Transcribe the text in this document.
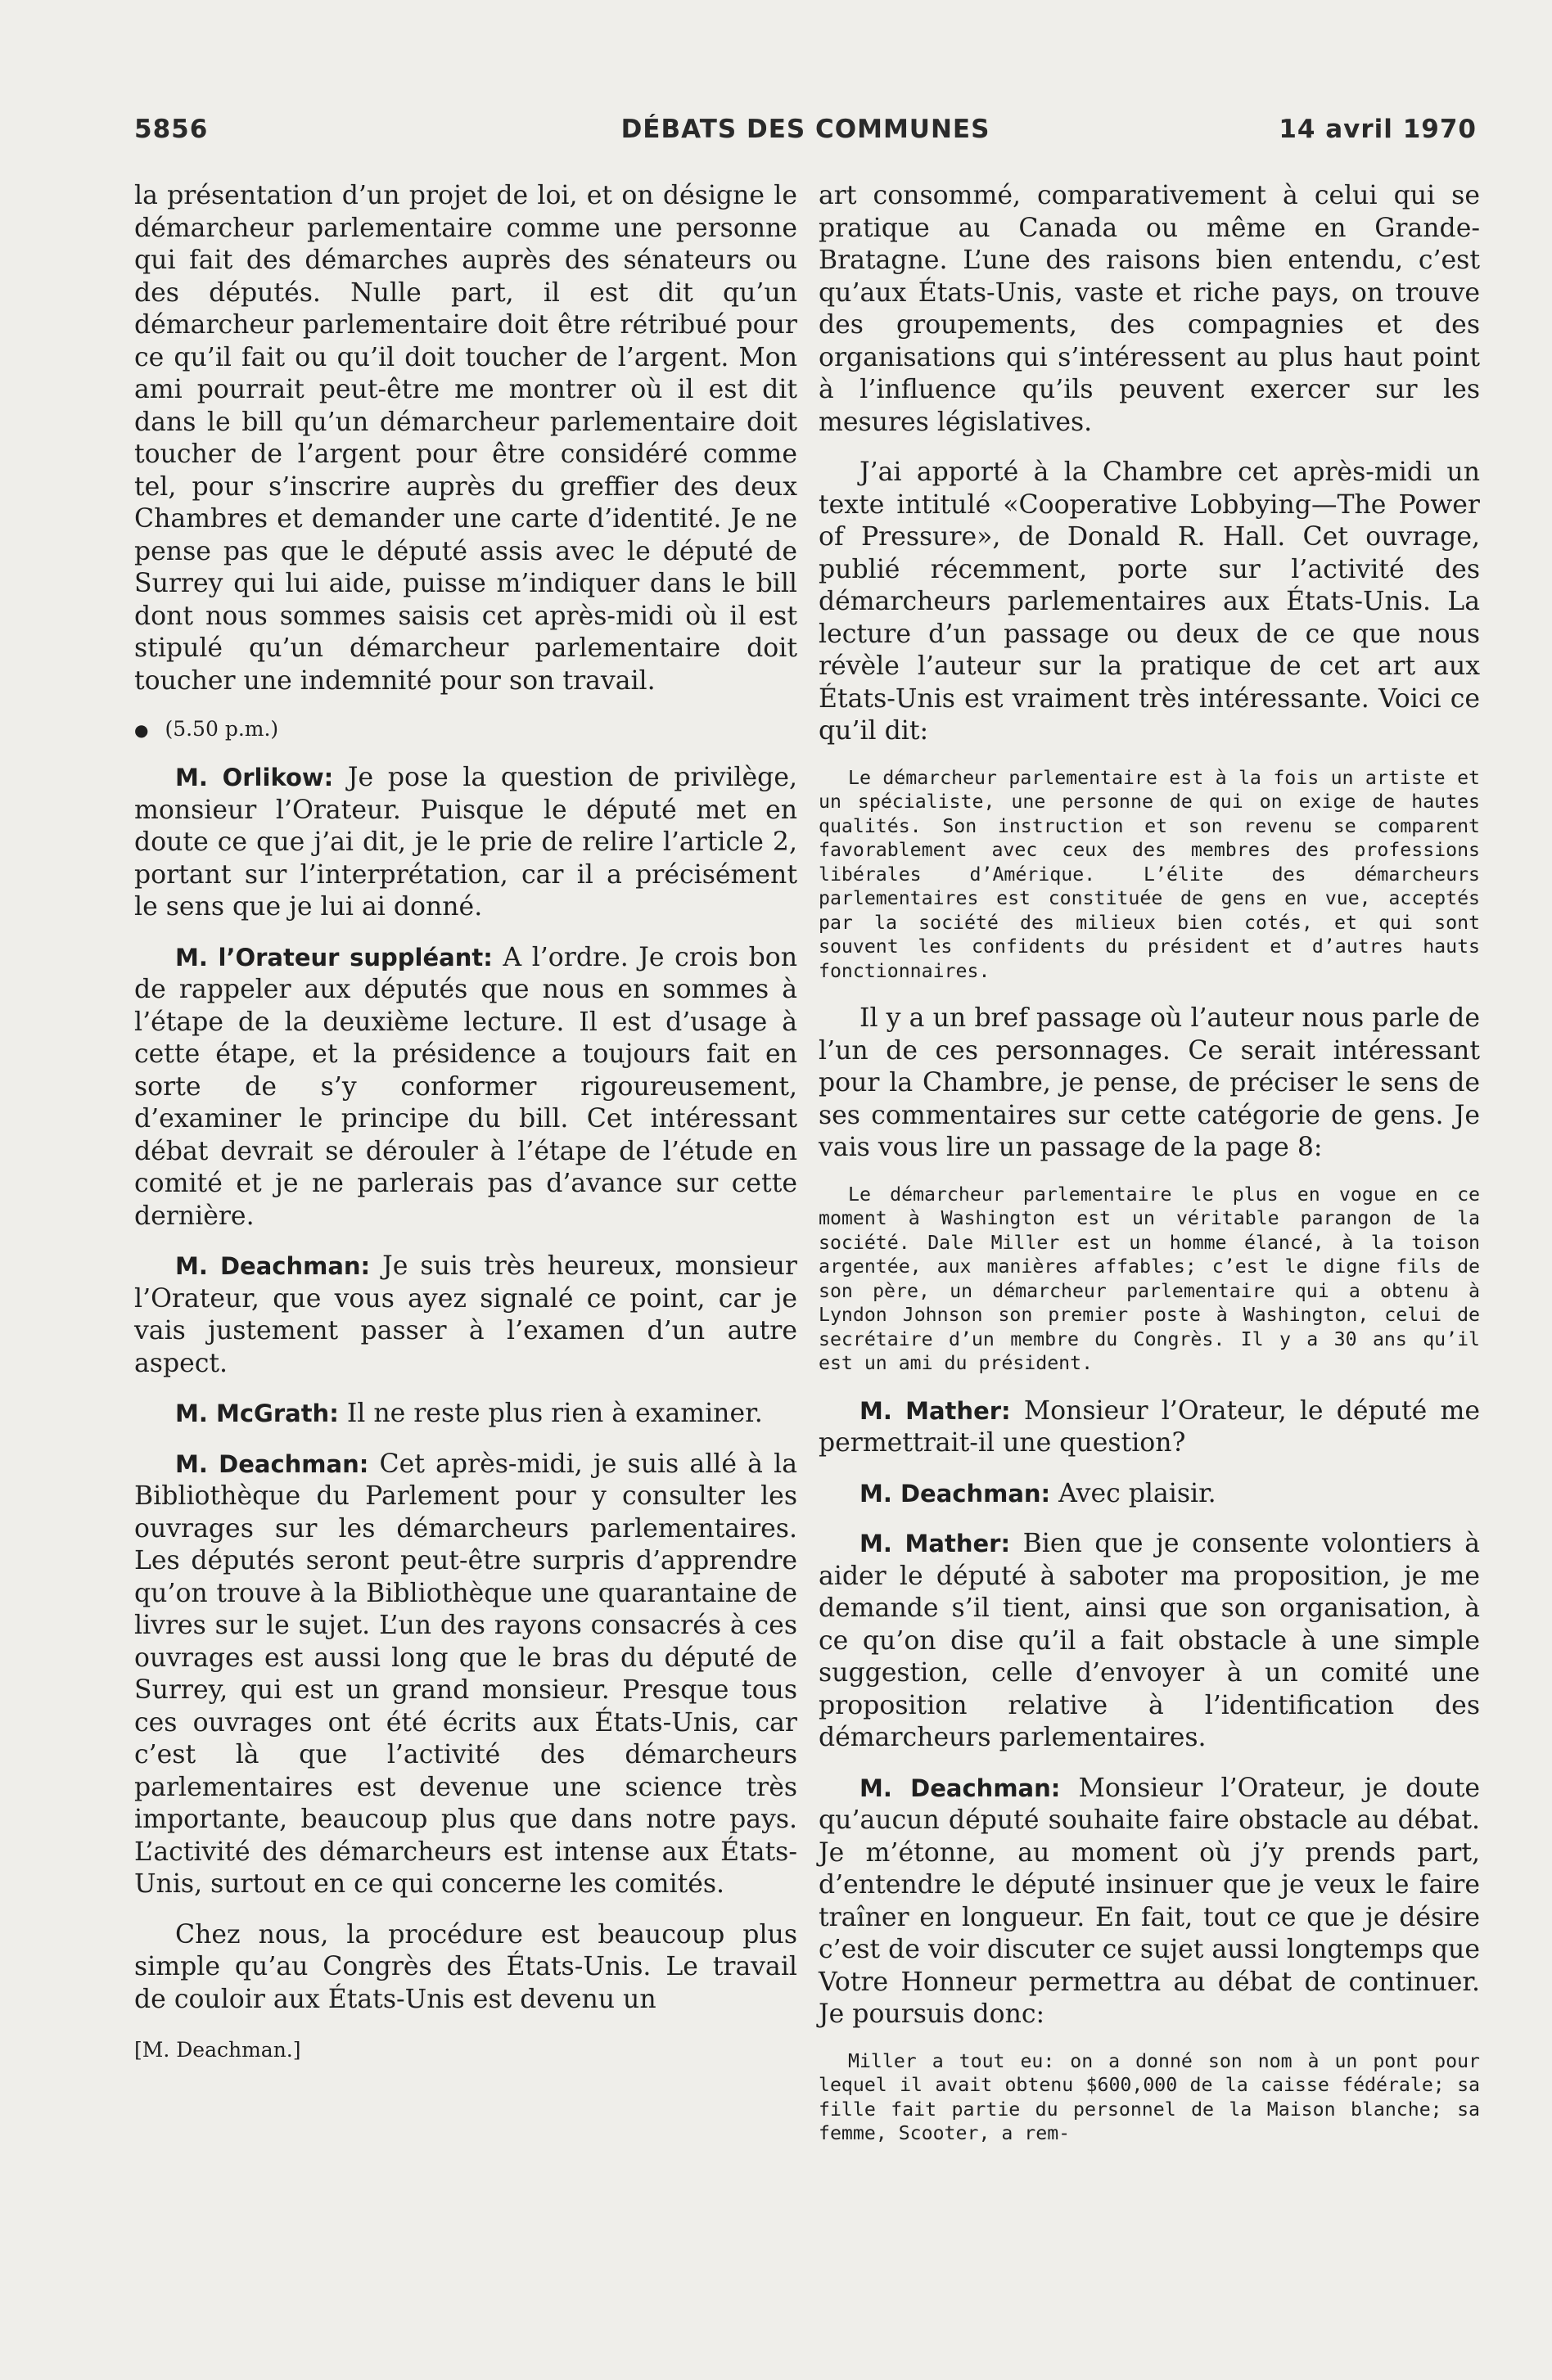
5856	DÉBATS DES COMMUNES	14 avril 1970

la présentation d’un projet de loi, et on désigne le démarcheur parlementaire comme une personne qui fait des démarches auprès des sénateurs ou des députés. Nulle part, il est dit qu’un démarcheur parlementaire doit être rétribué pour ce qu’il fait ou qu’il doit toucher de l’argent. Mon ami pourrait peut-être me montrer où il est dit dans le bill qu’un démarcheur parlementaire doit toucher de l’argent pour être considéré comme tel, pour s’inscrire auprès du greffier des deux Chambres et demander une carte d’identité. Je ne pense pas que le député assis avec le député de Surrey qui lui aide, puisse m’indiquer dans le bill dont nous sommes saisis cet après-midi où il est stipulé qu’un démarcheur parlementaire doit toucher une indemnité pour son travail.

● (5.50 p.m.)

M. Orlikow: Je pose la question de privilège, monsieur l’Orateur. Puisque le député met en doute ce que j’ai dit, je le prie de relire l’article 2, portant sur l’interprétation, car il a précisément le sens que je lui ai donné.

M. l’Orateur suppléant: A l’ordre. Je crois bon de rappeler aux députés que nous en sommes à l’étape de la deuxième lecture. Il est d’usage à cette étape, et la présidence a toujours fait en sorte de s’y conformer rigoureusement, d’examiner le principe du bill. Cet intéressant débat devrait se dérouler à l’étape de l’étude en comité et je ne parlerais pas d’avance sur cette dernière.

M. Deachman: Je suis très heureux, monsieur l’Orateur, que vous ayez signalé ce point, car je vais justement passer à l’examen d’un autre aspect.

M. McGrath: Il ne reste plus rien à examiner.

M. Deachman: Cet après-midi, je suis allé à la Bibliothèque du Parlement pour y consulter les ouvrages sur les démarcheurs parlementaires. Les députés seront peut-être surpris d’apprendre qu’on trouve à la Bibliothèque une quarantaine de livres sur le sujet. L’un des rayons consacrés à ces ouvrages est aussi long que le bras du député de Surrey, qui est un grand monsieur. Presque tous ces ouvrages ont été écrits aux États-Unis, car c’est là que l’activité des démarcheurs parlementaires est devenue une science très importante, beaucoup plus que dans notre pays. L’activité des démarcheurs est intense aux États-Unis, surtout en ce qui concerne les comités.

Chez nous, la procédure est beaucoup plus simple qu’au Congrès des États-Unis. Le travail de couloir aux États-Unis est devenu un

[M. Deachman.]

art consommé, comparativement à celui qui se pratique au Canada ou même en Grande-Bratagne. L’une des raisons bien entendu, c’est qu’aux États-Unis, vaste et riche pays, on trouve des groupements, des compagnies et des organisations qui s’intéressent au plus haut point à l’influence qu’ils peuvent exercer sur les mesures législatives.

J’ai apporté à la Chambre cet après-midi un texte intitulé «Cooperative Lobbying—The Power of Pressure», de Donald R. Hall. Cet ouvrage, publié récemment, porte sur l’activité des démarcheurs parlementaires aux États-Unis. La lecture d’un passage ou deux de ce que nous révèle l’auteur sur la pratique de cet art aux États-Unis est vraiment très intéressante. Voici ce qu’il dit:

Le démarcheur parlementaire est à la fois un artiste et un spécialiste, une personne de qui on exige de hautes qualités. Son instruction et son revenu se comparent favorablement avec ceux des membres des professions libérales d’Amérique. L’élite des démarcheurs parlementaires est constituée de gens en vue, acceptés par la société des milieux bien cotés, et qui sont souvent les confidents du président et d’autres hauts fonctionnaires.

Il y a un bref passage où l’auteur nous parle de l’un de ces personnages. Ce serait intéressant pour la Chambre, je pense, de préciser le sens de ses commentaires sur cette catégorie de gens. Je vais vous lire un passage de la page 8:

Le démarcheur parlementaire le plus en vogue en ce moment à Washington est un véritable parangon de la société. Dale Miller est un homme élancé, à la toison argentée, aux manières affables; c’est le digne fils de son père, un démarcheur parlementaire qui a obtenu à Lyndon Johnson son premier poste à Washington, celui de secrétaire d’un membre du Congrès. Il y a 30 ans qu’il est un ami du président.

M. Mather: Monsieur l’Orateur, le député me permettrait-il une question?

M. Deachman: Avec plaisir.

M. Mather: Bien que je consente volontiers à aider le député à saboter ma proposition, je me demande s’il tient, ainsi que son organisation, à ce qu’on dise qu’il a fait obstacle à une simple suggestion, celle d’envoyer à un comité une proposition relative à l’identification des démarcheurs parlementaires.

M. Deachman: Monsieur l’Orateur, je doute qu’aucun député souhaite faire obstacle au débat. Je m’étonne, au moment où j’y prends part, d’entendre le député insinuer que je veux le faire traîner en longueur. En fait, tout ce que je désire c’est de voir discuter ce sujet aussi longtemps que Votre Honneur permettra au débat de continuer. Je poursuis donc:

Miller a tout eu: on a donné son nom à un pont pour lequel il avait obtenu $600,000 de la caisse fédérale; sa fille fait partie du personnel de la Maison blanche; sa femme, Scooter, a rem-
